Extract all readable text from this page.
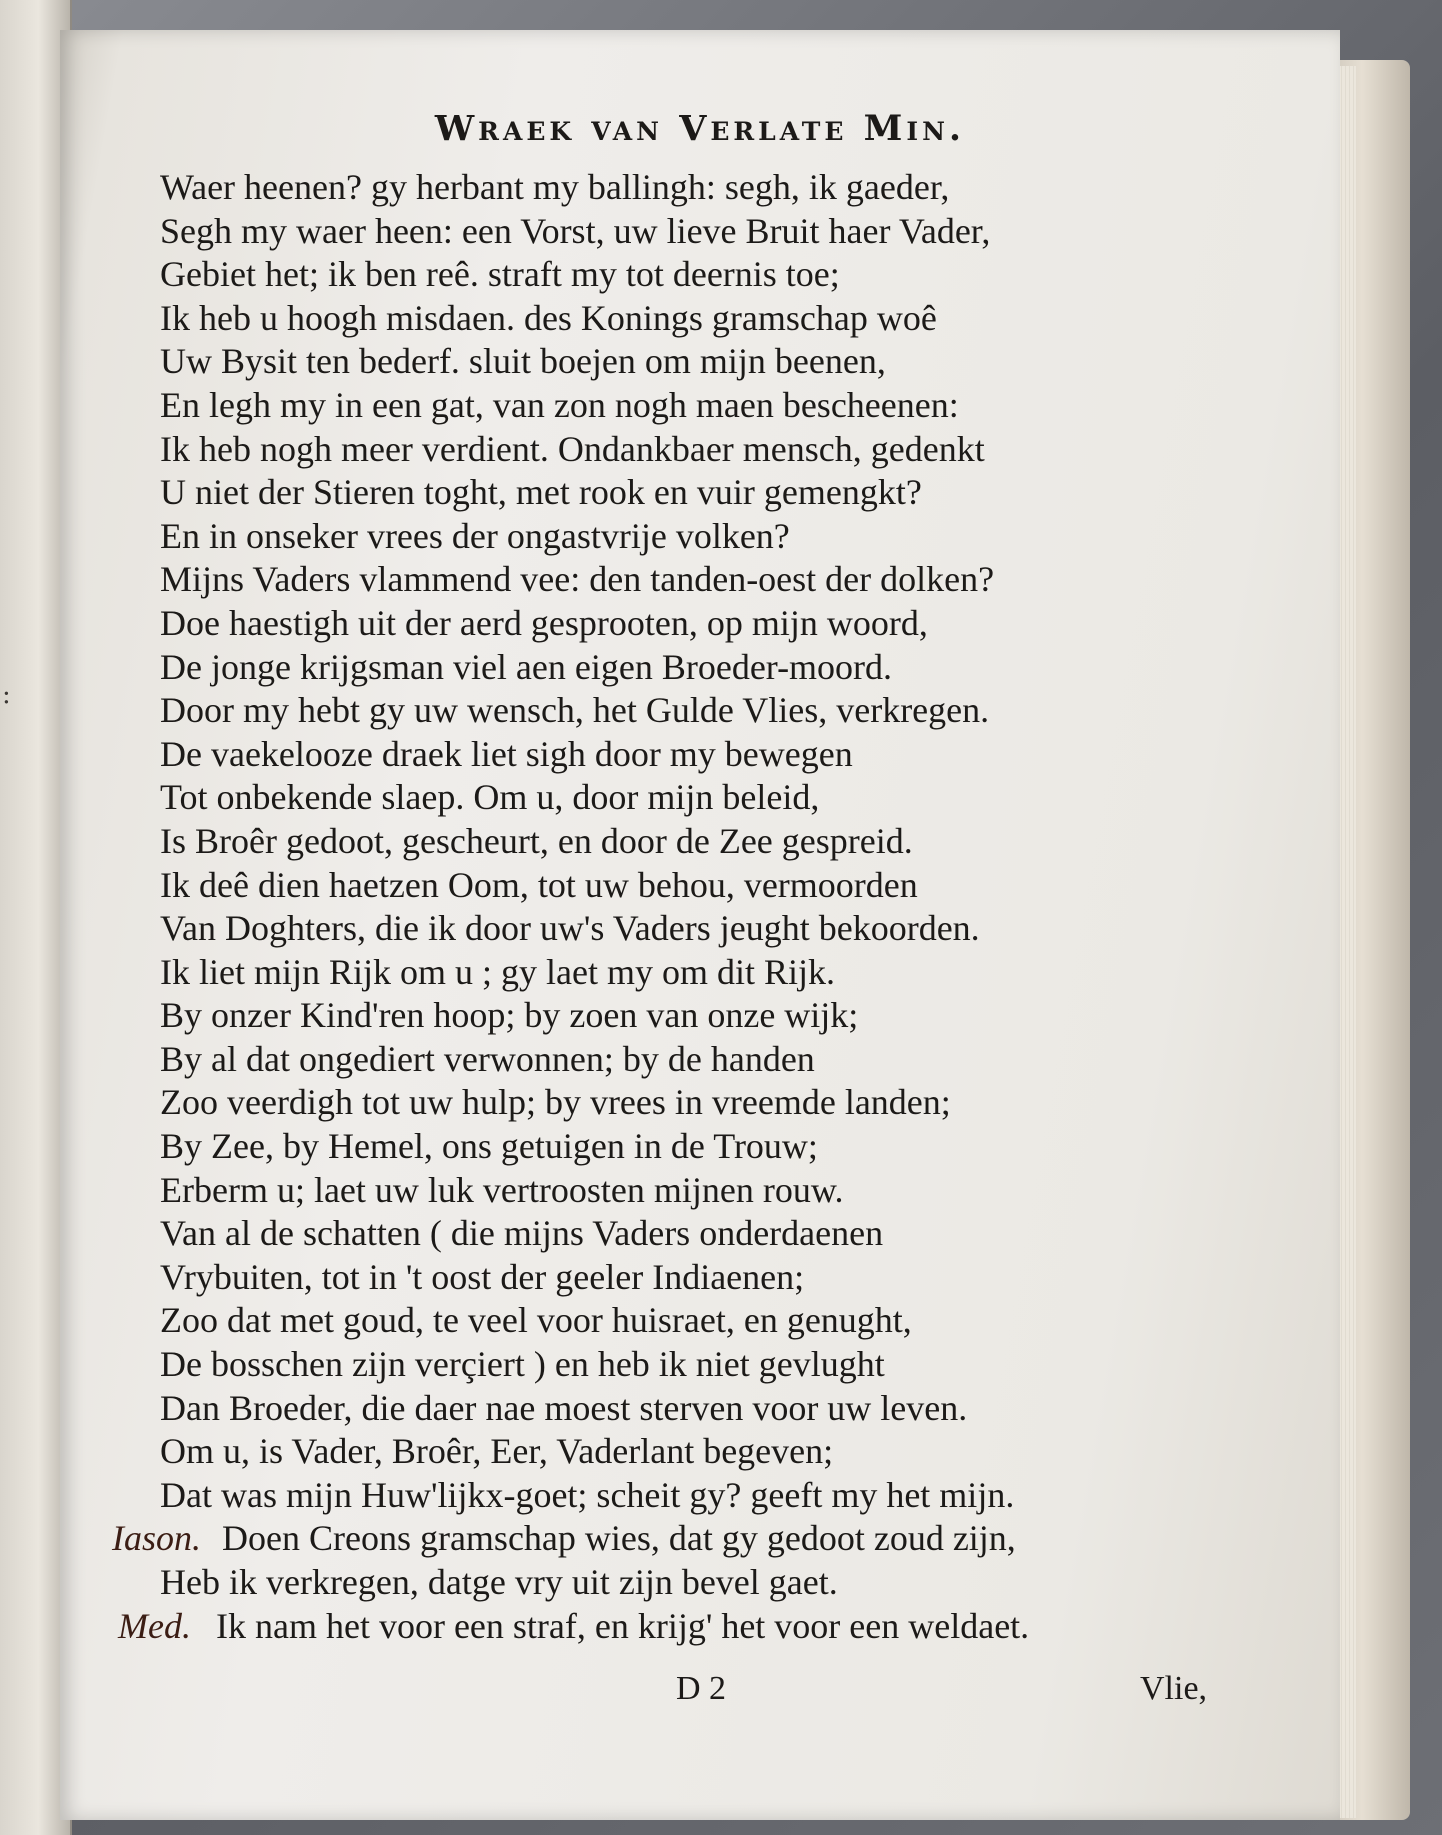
:
Wraek van Verlate Min.
Waer heenen? gy herbant my ballingh: segh, ik gaeder,
Segh my waer heen: een Vorst, uw lieve Bruit haer Vader,
Gebiet het; ik ben reê. straft my tot deernis toe;
Ik heb u hoogh misdaen. des Konings gramschap woê
Uw Bysit ten bederf. sluit boejen om mijn beenen,
En legh my in een gat, van zon nogh maen bescheenen:
Ik heb nogh meer verdient. Ondankbaer mensch, gedenkt
U niet der Stieren toght, met rook en vuir gemengkt?
En in onseker vrees der ongastvrije volken?
Mijns Vaders vlammend vee: den tanden-oest der dolken?
Doe haestigh uit der aerd gesprooten, op mijn woord,
De jonge krijgsman viel aen eigen Broeder-moord.
Door my hebt gy uw wensch, het Gulde Vlies, verkregen.
De vaekelooze draek liet sigh door my bewegen
Tot onbekende slaep. Om u, door mijn beleid,
Is Broêr gedoot, gescheurt, en door de Zee gespreid.
Ik deê dien haetzen Oom, tot uw behou, vermoorden
Van Doghters, die ik door uw's Vaders jeught bekoorden.
Ik liet mijn Rijk om u ; gy laet my om dit Rijk.
By onzer Kind'ren hoop; by zoen van onze wijk;
By al dat ongediert verwonnen; by de handen
Zoo veerdigh tot uw hulp; by vrees in vreemde landen;
By Zee, by Hemel, ons getuigen in de Trouw;
Erberm u; laet uw luk vertroosten mijnen rouw.
Van al de schatten ( die mijns Vaders onderdaenen
Vrybuiten, tot in 't oost der geeler Indiaenen;
Zoo dat met goud, te veel voor huisraet, en genught,
De bosschen zijn verçiert ) en heb ik niet gevlught
Dan Broeder, die daer nae moest sterven voor uw leven.
Om u, is Vader, Broêr, Eer, Vaderlant begeven;
Dat was mijn Huw'lijkx-goet; scheit gy? geeft my het mijn.
Iason. Doen Creons gramschap wies, dat gy gedoot zoud zijn,
Heb ik verkregen, datge vry uit zijn bevel gaet.
Med. Ik nam het voor een straf, en krijg' het voor een weldaet.
D 2	Vlie,
